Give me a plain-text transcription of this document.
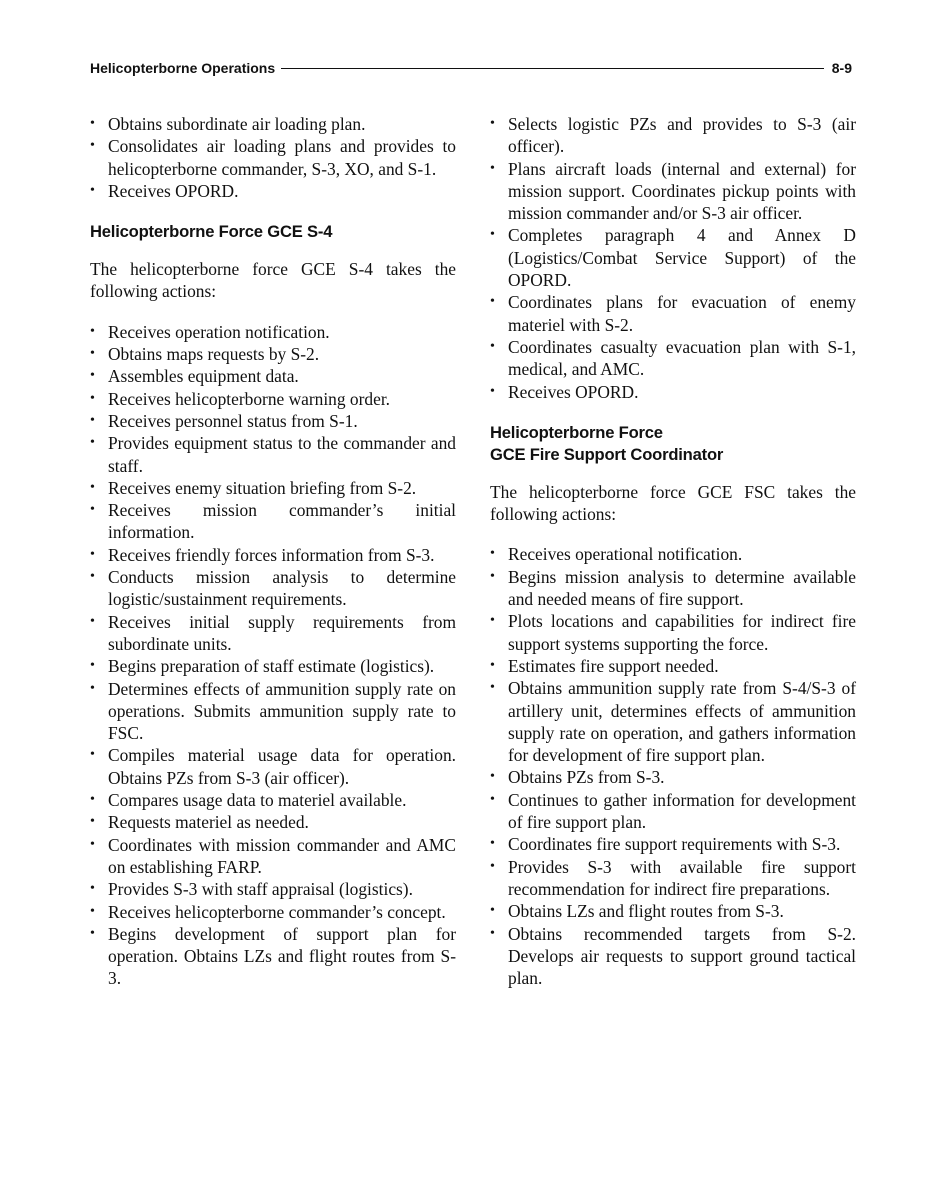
Helicopterborne Operations	8-9
• Obtains subordinate air loading plan.
• Consolidates air loading plans and provides to helicopterborne commander, S-3, XO, and S-1.
• Receives OPORD.
Helicopterborne Force GCE S-4

The helicopterborne force GCE S-4 takes the following actions:

• Receives operation notification.
• Obtains maps requests by S-2.
• Assembles equipment data.
• Receives helicopterborne warning order.
• Receives personnel status from S-1.
• Provides equipment status to the commander and staff.
• Receives enemy situation briefing from S-2.
• Receives mission commander’s initial information.
• Receives friendly forces information from S-3.
• Conducts mission analysis to determine logistic/sustainment requirements.
• Receives initial supply requirements from subordinate units.
• Begins preparation of staff estimate (logistics).
• Determines effects of ammunition supply rate on operations. Submits ammunition supply rate to FSC.
• Compiles material usage data for operation. Obtains PZs from S-3 (air officer).
• Compares usage data to materiel available.
• Requests materiel as needed.
• Coordinates with mission commander and AMC on establishing FARP.
• Provides S-3 with staff appraisal (logistics).
• Receives helicopterborne commander’s concept.
• Begins development of support plan for operation. Obtains LZs and flight routes from S-3.
• Selects logistic PZs and provides to S-3 (air officer).
• Plans aircraft loads (internal and external) for mission support. Coordinates pickup points with mission commander and/or S-3 air officer.
• Completes paragraph 4 and Annex D (Logistics/Combat Service Support) of the OPORD.
• Coordinates plans for evacuation of enemy materiel with S-2.
• Coordinates casualty evacuation plan with S-1, medical, and AMC.
• Receives OPORD.
Helicopterborne Force
GCE Fire Support Coordinator

The helicopterborne force GCE FSC takes the following actions:

• Receives operational notification.
• Begins mission analysis to determine available and needed means of fire support.
• Plots locations and capabilities for indirect fire support systems supporting the force.
• Estimates fire support needed.
• Obtains ammunition supply rate from S-4/S-3 of artillery unit, determines effects of ammunition supply rate on operation, and gathers information for development of fire support plan.
• Obtains PZs from S-3.
• Continues to gather information for development of fire support plan.
• Coordinates fire support requirements with S-3.
• Provides S-3 with available fire support recommendation for indirect fire preparations.
• Obtains LZs and flight routes from S-3.
• Obtains recommended targets from S-2. Develops air requests to support ground tactical plan.
